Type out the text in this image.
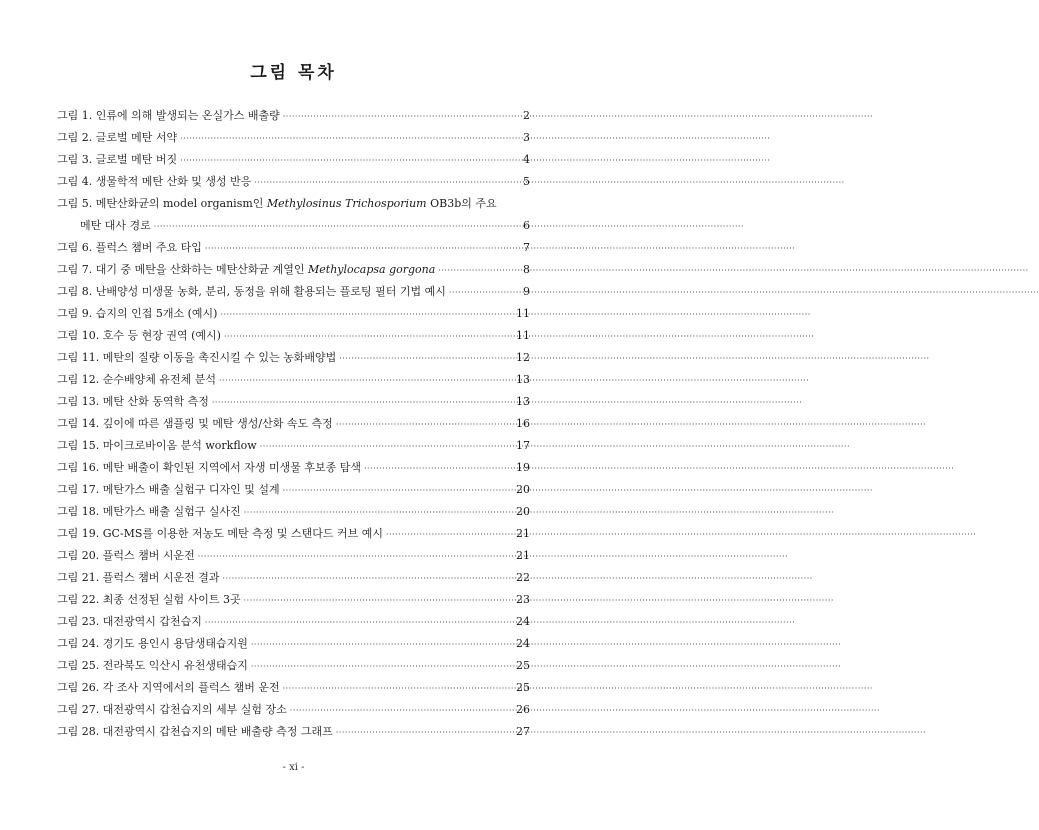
그림 목차
그림 1. 인류에 의해 발생되는 온실가스 배출량 ·····	2
그림 2. 글로벌 메탄 서약 ·····	3
그림 3. 글로벌 메탄 버짓 ·····	4
그림 4. 생물학적 메탄 산화 및 생성 반응 ·····	5
그림 5. 메탄산화균의 model organism인 Methylosinus Trichosporium OB3b의 주요
메탄 대사 경로 ·····	6
그림 6. 플럭스 챔버 주요 타입 ·····	7
그림 7. 대기 중 메탄을 산화하는 메탄산화균 계열인 Methylocapsa gorgona ·····	8
그림 8. 난배양성 미생물 농화, 분리, 동정을 위해 활용되는 플로팅 필터 기법 예시 ·····	9
그림 9. 습지의 인접 5개소 (예시) ·····	11
그림 10. 호수 등 현장 권역 (예시) ·····	11
그림 11. 메탄의 질량 이동을 촉진시킬 수 있는 농화배양법 ·····	12
그림 12. 순수배양체 유전체 분석 ·····	13
그림 13. 메탄 산화 동역학 측정 ·····	13
그림 14. 깊이에 따른 샘플링 및 메탄 생성/산화 속도 측정 ·····	16
그림 15. 마이크로바이옴 분석 workflow ·····	17
그림 16. 메탄 배출이 확인된 지역에서 자생 미생물 후보종 탐색 ·····	19
그림 17. 메탄가스 배출 실험구 디자인 및 설계 ·····	20
그림 18. 메탄가스 배출 실험구 실사진 ·····	20
그림 19. GC-MS를 이용한 저농도 메탄 측정 및 스탠다드 커브 예시 ·····	21
그림 20. 플럭스 챔버 시운전 ·····	21
그림 21. 플럭스 챔버 시운전 결과 ·····	22
그림 22. 최종 선정된 실험 사이트 3곳 ·····	23
그림 23. 대전광역시 갑천습지 ·····	24
그림 24. 경기도 용인시 용담생태습지원 ·····	24
그림 25. 전라북도 익산시 유천생태습지 ·····	25
그림 26. 각 조사 지역에서의 플럭스 챔버 운전 ·····	25
그림 27. 대전광역시 갑천습지의 세부 실험 장소 ·····	26
그림 28. 대전광역시 갑천습지의 메탄 배출량 측정 그래프 ·····	27
- xi -
